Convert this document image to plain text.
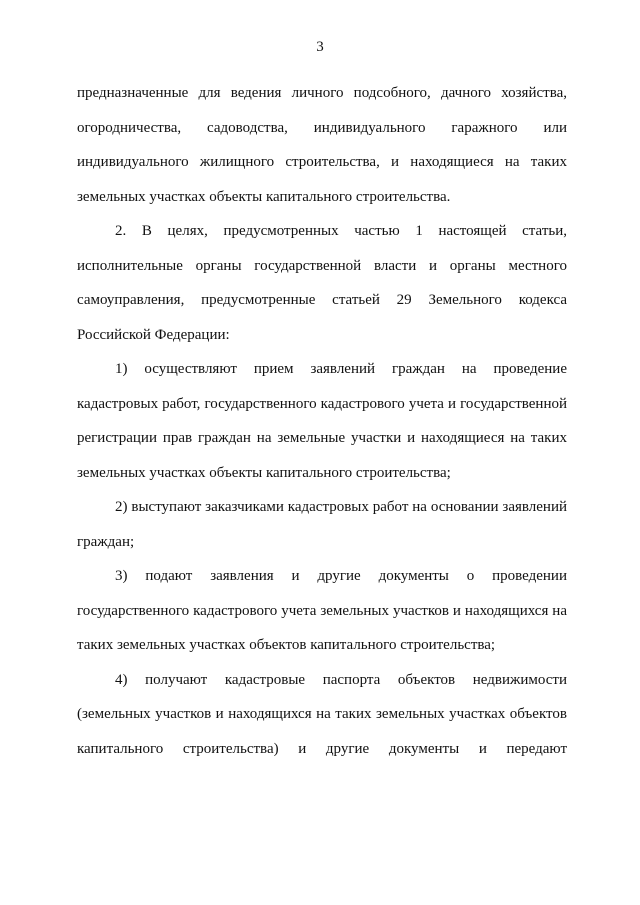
3

предназначенные для ведения личного подсобного, дачного хозяйства, огородничества, садоводства, индивидуального гаражного или индивидуального жилищного строительства, и находящиеся на таких земельных участках объекты капитального строительства.

2. В целях, предусмотренных частью 1 настоящей статьи, исполнительные органы государственной власти и органы местного самоуправления, предусмотренные статьей 29 Земельного кодекса Российской Федерации:

1) осуществляют прием заявлений граждан на проведение кадастровых работ, государственного кадастрового учета и государственной регистрации прав граждан на земельные участки и находящиеся на таких земельных участках объекты капитального строительства;

2) выступают заказчиками кадастровых работ на основании заявлений граждан;

3) подают заявления и другие документы о проведении государственного кадастрового учета земельных участков и находящихся на таких земельных участках объектов капитального строительства;

4) получают кадастровые паспорта объектов недвижимости (земельных участков и находящихся на таких земельных участках объектов капитального строительства) и другие документы и передают
